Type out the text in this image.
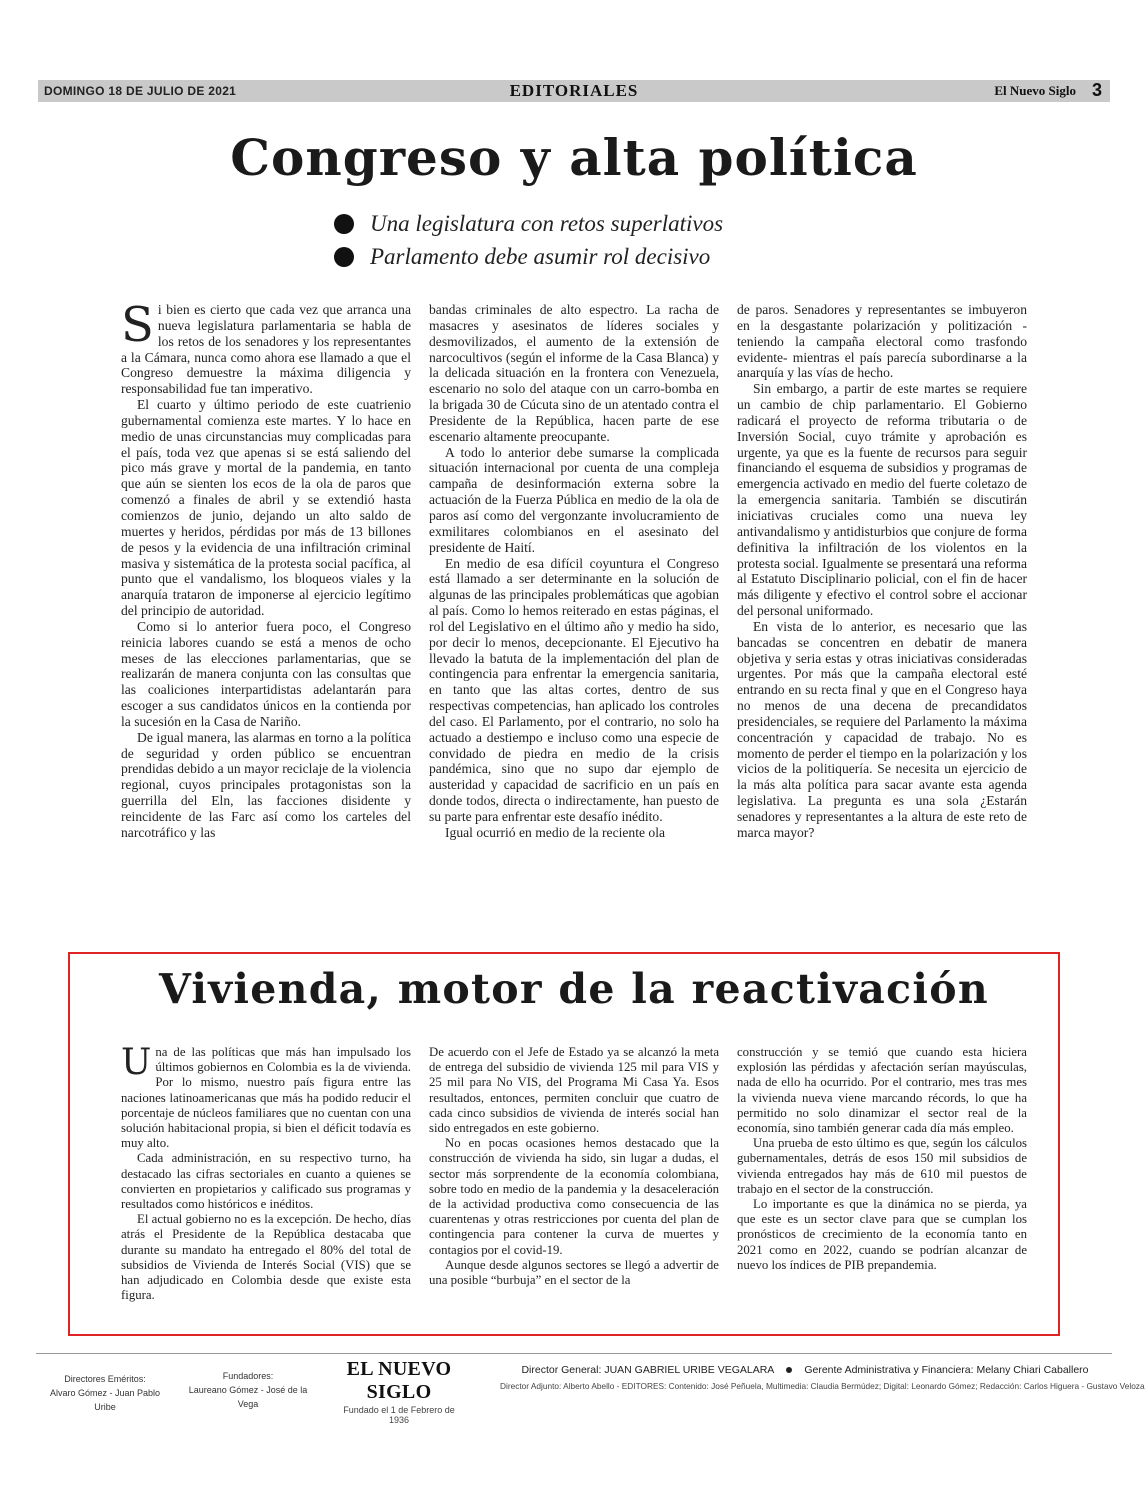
DOMINGO 18 DE JULIO DE 2021	EDITORIALES	El Nuevo Siglo 3
Congreso y alta política
Una legislatura con retos superlativos
Parlamento debe asumir rol decisivo

Si bien es cierto que cada vez que arranca una nueva legislatura parlamentaria se habla de los retos de los senadores y los representantes a la Cámara, nunca como ahora ese llamado a que el Congreso demuestre la máxima diligencia y responsabilidad fue tan imperativo.

El cuarto y último periodo de este cuatrienio gubernamental comienza este martes. Y lo hace en medio de unas circunstancias muy complicadas para el país, toda vez que apenas si se está saliendo del pico más grave y mortal de la pandemia, en tanto que aún se sienten los ecos de la ola de paros que comenzó a finales de abril y se extendió hasta comienzos de junio, dejando un alto saldo de muertes y heridos, pérdidas por más de 13 billones de pesos y la evidencia de una infiltración criminal masiva y sistemática de la protesta social pacífica, al punto que el vandalismo, los bloqueos viales y la anarquía trataron de imponerse al ejercicio legítimo del principio de autoridad.

Como si lo anterior fuera poco, el Congreso reinicia labores cuando se está a menos de ocho meses de las elecciones parlamentarias, que se realizarán de manera conjunta con las consultas que las coaliciones interpartidistas adelantarán para escoger a sus candidatos únicos en la contienda por la sucesión en la Casa de Nariño.

De igual manera, las alarmas en torno a la política de seguridad y orden público se encuentran prendidas debido a un mayor reciclaje de la violencia regional, cuyos principales protagonistas son la guerrilla del Eln, las facciones disidente y reincidente de las Farc así como los carteles del narcotráfico y las

bandas criminales de alto espectro. La racha de masacres y asesinatos de líderes sociales y desmovilizados, el aumento de la extensión de narcocultivos (según el informe de la Casa Blanca) y la delicada situación en la frontera con Venezuela, escenario no solo del ataque con un carro-bomba en la brigada 30 de Cúcuta sino de un atentado contra el Presidente de la República, hacen parte de ese escenario altamente preocupante.

A todo lo anterior debe sumarse la complicada situación internacional por cuenta de una compleja campaña de desinformación externa sobre la actuación de la Fuerza Pública en medio de la ola de paros así como del vergonzante involucramiento de exmilitares colombianos en el asesinato del presidente de Haití.

En medio de esa difícil coyuntura el Congreso está llamado a ser determinante en la solución de algunas de las principales problemáticas que agobian al país. Como lo hemos reiterado en estas páginas, el rol del Legislativo en el último año y medio ha sido, por decir lo menos, decepcionante. El Ejecutivo ha llevado la batuta de la implementación del plan de contingencia para enfrentar la emergencia sanitaria, en tanto que las altas cortes, dentro de sus respectivas competencias, han aplicado los controles del caso. El Parlamento, por el contrario, no solo ha actuado a destiempo e incluso como una especie de convidado de piedra en medio de la crisis pandémica, sino que no supo dar ejemplo de austeridad y capacidad de sacrificio en un país en donde todos, directa o indirectamente, han puesto de su parte para enfrentar este desafío inédito.

Igual ocurrió en medio de la reciente ola

de paros. Senadores y representantes se imbuyeron en la desgastante polarización y politización -teniendo la campaña electoral como trasfondo evidente- mientras el país parecía subordinarse a la anarquía y las vías de hecho.

Sin embargo, a partir de este martes se requiere un cambio de chip parlamentario. El Gobierno radicará el proyecto de reforma tributaria o de Inversión Social, cuyo trámite y aprobación es urgente, ya que es la fuente de recursos para seguir financiando el esquema de subsidios y programas de emergencia activado en medio del fuerte coletazo de la emergencia sanitaria. También se discutirán iniciativas cruciales como una nueva ley antivandalismo y antidisturbios que conjure de forma definitiva la infiltración de los violentos en la protesta social. Igualmente se presentará una reforma al Estatuto Disciplinario policial, con el fin de hacer más diligente y efectivo el control sobre el accionar del personal uniformado.

En vista de lo anterior, es necesario que las bancadas se concentren en debatir de manera objetiva y seria estas y otras iniciativas consideradas urgentes. Por más que la campaña electoral esté entrando en su recta final y que en el Congreso haya no menos de una decena de precandidatos presidenciales, se requiere del Parlamento la máxima concentración y capacidad de trabajo. No es momento de perder el tiempo en la polarización y los vicios de la politiquería. Se necesita un ejercicio de la más alta política para sacar avante esta agenda legislativa. La pregunta es una sola ¿Estarán senadores y representantes a la altura de este reto de marca mayor?

Vivienda, motor de la reactivación

Una de las políticas que más han impulsado los últimos gobiernos en Colombia es la de vivienda. Por lo mismo, nuestro país figura entre las naciones latinoamericanas que más ha podido reducir el porcentaje de núcleos familiares que no cuentan con una solución habitacional propia, si bien el déficit todavía es muy alto.

Cada administración, en su respectivo turno, ha destacado las cifras sectoriales en cuanto a quienes se convierten en propietarios y calificado sus programas y resultados como históricos e inéditos.

El actual gobierno no es la excepción. De hecho, días atrás el Presidente de la República destacaba que durante su mandato ha entregado el 80% del total de subsidios de Vivienda de Interés Social (VIS) que se han adjudicado en Colombia desde que existe esta figura.

De acuerdo con el Jefe de Estado ya se alcanzó la meta de entrega del subsidio de vivienda 125 mil para VIS y 25 mil para No VIS, del Programa Mi Casa Ya. Esos resultados, entonces, permiten concluir que cuatro de cada cinco subsidios de vivienda de interés social han sido entregados en este gobierno.

No en pocas ocasiones hemos destacado que la construcción de vivienda ha sido, sin lugar a dudas, el sector más sorprendente de la economía colombiana, sobre todo en medio de la pandemia y la desaceleración de la actividad productiva como consecuencia de las cuarentenas y otras restricciones por cuenta del plan de contingencia para contener la curva de muertes y contagios por el covid-19.

Aunque desde algunos sectores se llegó a advertir de una posible “burbuja” en el sector de la

construcción y se temió que cuando esta hiciera explosión las pérdidas y afectación serían mayúsculas, nada de ello ha ocurrido. Por el contrario, mes tras mes la vivienda nueva viene marcando récords, lo que ha permitido no solo dinamizar el sector real de la economía, sino también generar cada día más empleo.

Una prueba de esto último es que, según los cálculos gubernamentales, detrás de esos 150 mil subsidios de vivienda entregados hay más de 610 mil puestos de trabajo en el sector de la construcción.

Lo importante es que la dinámica no se pierda, ya que este es un sector clave para que se cumplan los pronósticos de crecimiento de la economía tanto en 2021 como en 2022, cuando se podrían alcanzar de nuevo los índices de PIB prepandemia.

Directores Eméritos:
Alvaro Gómez - Juan Pablo Uribe
Fundadores:
Laureano Gómez - José de la Vega
EL NUEVO SIGLO
Fundado el 1 de Febrero de 1936
Director General: JUAN GABRIEL URIBE VEGALARA	Gerente Administrativa y Financiera: Melany Chiari Caballero
Director Adjunto: Alberto Abello - EDITORES: Contenido: José Peñuela, Multimedia: Claudia Bermúdez; Digital: Leonardo Gómez; Redacción: Carlos Higuera - Gustavo Veloza
